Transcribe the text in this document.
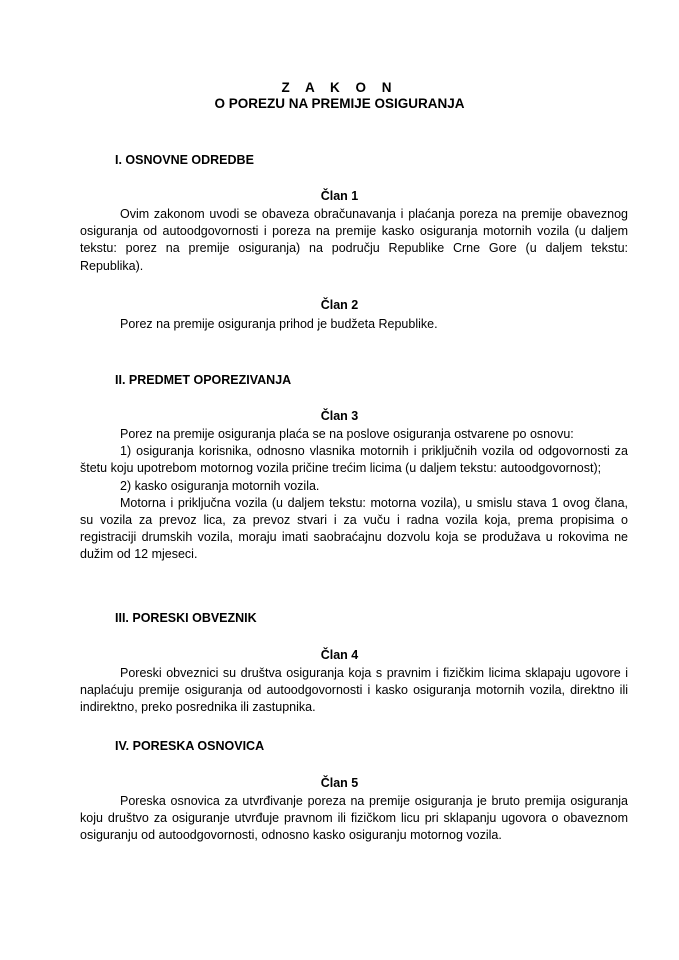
Z A K O N
O POREZU NA PREMIJE OSIGURANJA
I. OSNOVNE ODREDBE
Član 1

Ovim zakonom uvodi se obaveza obračunavanja i plaćanja poreza na premije obaveznog osiguranja od autoodgovornosti i poreza na premije kasko osiguranja motornih vozila (u daljem tekstu: porez na premije osiguranja) na području Republike Crne Gore (u daljem tekstu: Republika).

Član 2

Porez na premije osiguranja prihod je budžeta Republike.

II. PREDMET OPOREZIVANJA
Član 3

Porez na premije osiguranja plaća se na poslove osiguranja ostvarene po osnovu:

1) osiguranja korisnika, odnosno vlasnika motornih i priključnih vozila od odgovornosti za štetu koju upotrebom motornog vozila pričine trećim licima (u daljem tekstu: autoodgovornost);

2) kasko osiguranja motornih vozila.

Motorna i priključna vozila (u daljem tekstu: motorna vozila), u smislu stava 1 ovog člana, su vozila za prevoz lica, za prevoz stvari i za vuču i radna vozila koja, prema propisima o registraciji drumskih vozila, moraju imati saobraćajnu dozvolu koja se produžava u rokovima ne dužim od 12 mjeseci.

III. PORESKI OBVEZNIK
Član 4

Poreski obveznici su društva osiguranja koja s pravnim i fizičkim licima sklapaju ugovore i naplaćuju premije osiguranja od autoodgovornosti i kasko osiguranja motornih vozila, direktno ili indirektno, preko posrednika ili zastupnika.

IV. PORESKA OSNOVICA
Član 5

Poreska osnovica za utvrđivanje poreza na premije osiguranja je bruto premija osiguranja koju društvo za osiguranje utvrđuje pravnom ili fizičkom licu pri sklapanju ugovora o obaveznom osiguranju od autoodgovornosti, odnosno kasko osiguranju motornog vozila.
